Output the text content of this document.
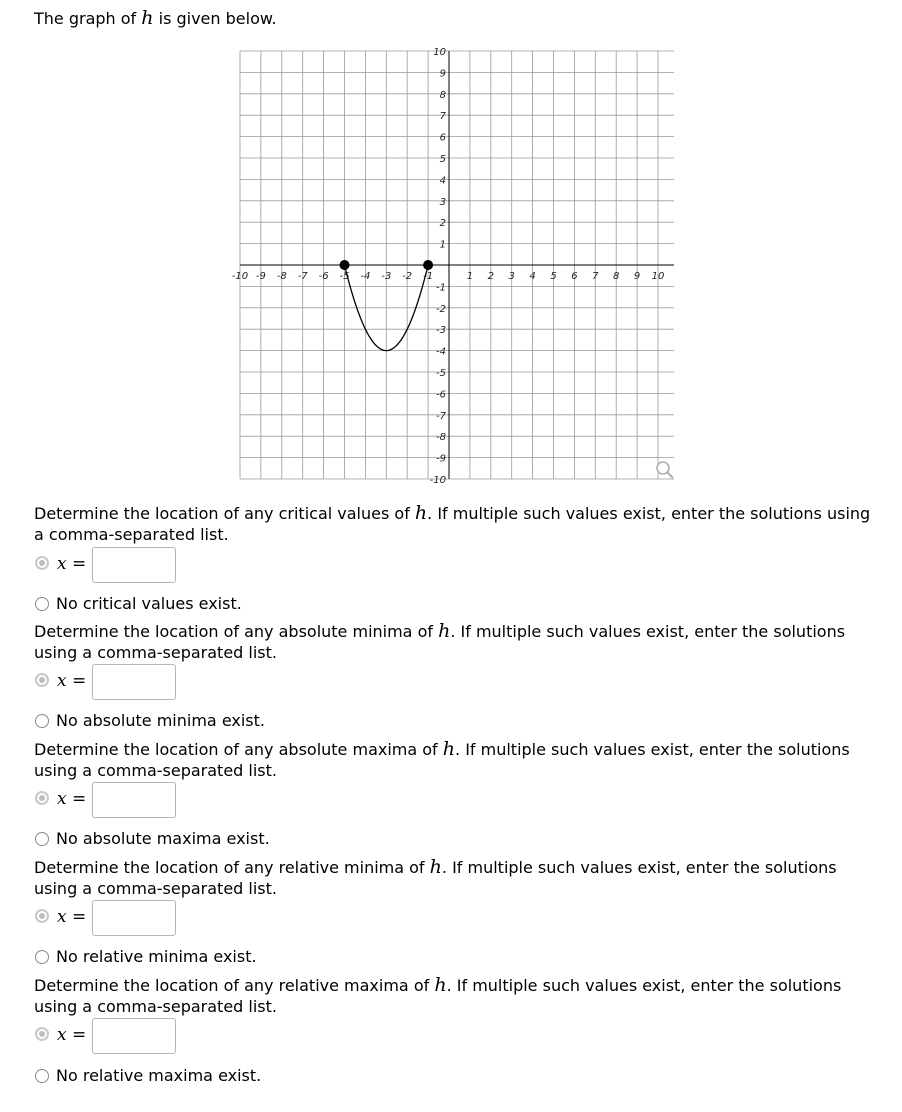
The graph of h is given below.
-10 -9 -8 -7 -6 -5 -4 -3 -2 -1	1 2 3 4 5 6 7 8 9 10
10
9
8
7
6
5
4
3
2
1
-1
-2
-3
-4
-5
-6
-7
-8
-9
-10

Determine the location of any critical values of h. If multiple such values exist, enter the solutions using a comma-separated list.

x =
No critical values exist.

Determine the location of any absolute minima of h. If multiple such values exist, enter the solutions using a comma-separated list.

x =
No absolute minima exist.

Determine the location of any absolute maxima of h. If multiple such values exist, enter the solutions using a comma-separated list.

x =
No absolute maxima exist.

Determine the location of any relative minima of h. If multiple such values exist, enter the solutions using a comma-separated list.

x =
No relative minima exist.

Determine the location of any relative maxima of h. If multiple such values exist, enter the solutions using a comma-separated list.

x =
No relative maxima exist.
